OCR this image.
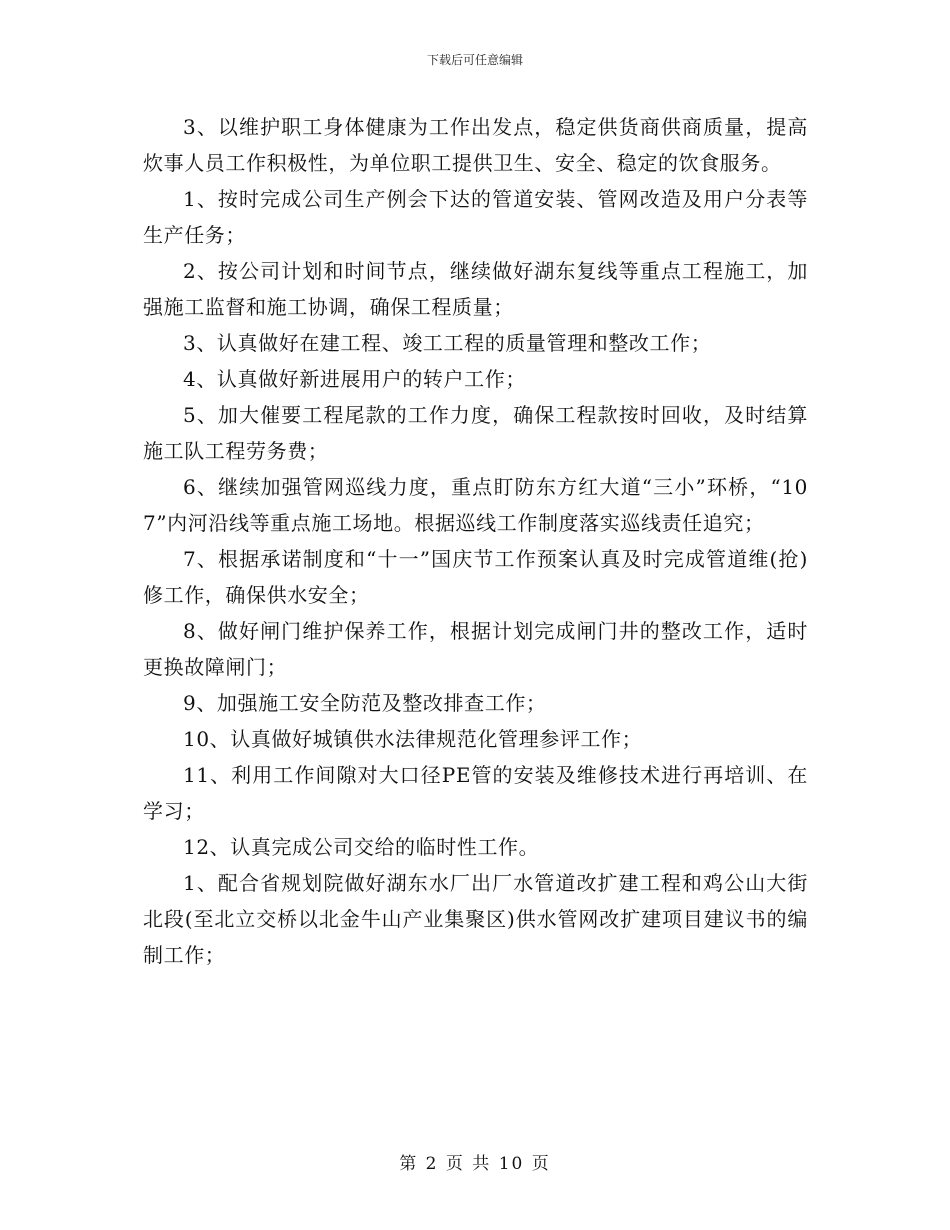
下载后可任意编辑

3、以维护职工身体健康为工作出发点，稳定供货商供商质量，提高炊事人员工作积极性，为单位职工提供卫生、安全、稳定的饮食服务。

1、按时完成公司生产例会下达的管道安装、管网改造及用户分表等生产任务；

2、按公司计划和时间节点，继续做好湖东复线等重点工程施工，加强施工监督和施工协调，确保工程质量；

3、认真做好在建工程、竣工工程的质量管理和整改工作；

4、认真做好新进展用户的转户工作；

5、加大催要工程尾款的工作力度，确保工程款按时回收，及时结算施工队工程劳务费；

6、继续加强管网巡线力度，重点盯防东方红大道“三小”环桥，“107”内河沿线等重点施工场地。根据巡线工作制度落实巡线责任追究；

7、根据承诺制度和“十一”国庆节工作预案认真及时完成管道维(抢)修工作，确保供水安全；

8、做好闸门维护保养工作，根据计划完成闸门井的整改工作，适时更换故障闸门；

9、加强施工安全防范及整改排查工作；

10、认真做好城镇供水法律规范化管理参评工作；

11、利用工作间隙对大口径PE管的安装及维修技术进行再培训、在学习；

12、认真完成公司交给的临时性工作。

1、配合省规划院做好湖东水厂出厂水管道改扩建工程和鸡公山大街北段(至北立交桥以北金牛山产业集聚区)供水管网改扩建项目建议书的编制工作；

第 2 页 共 10 页
